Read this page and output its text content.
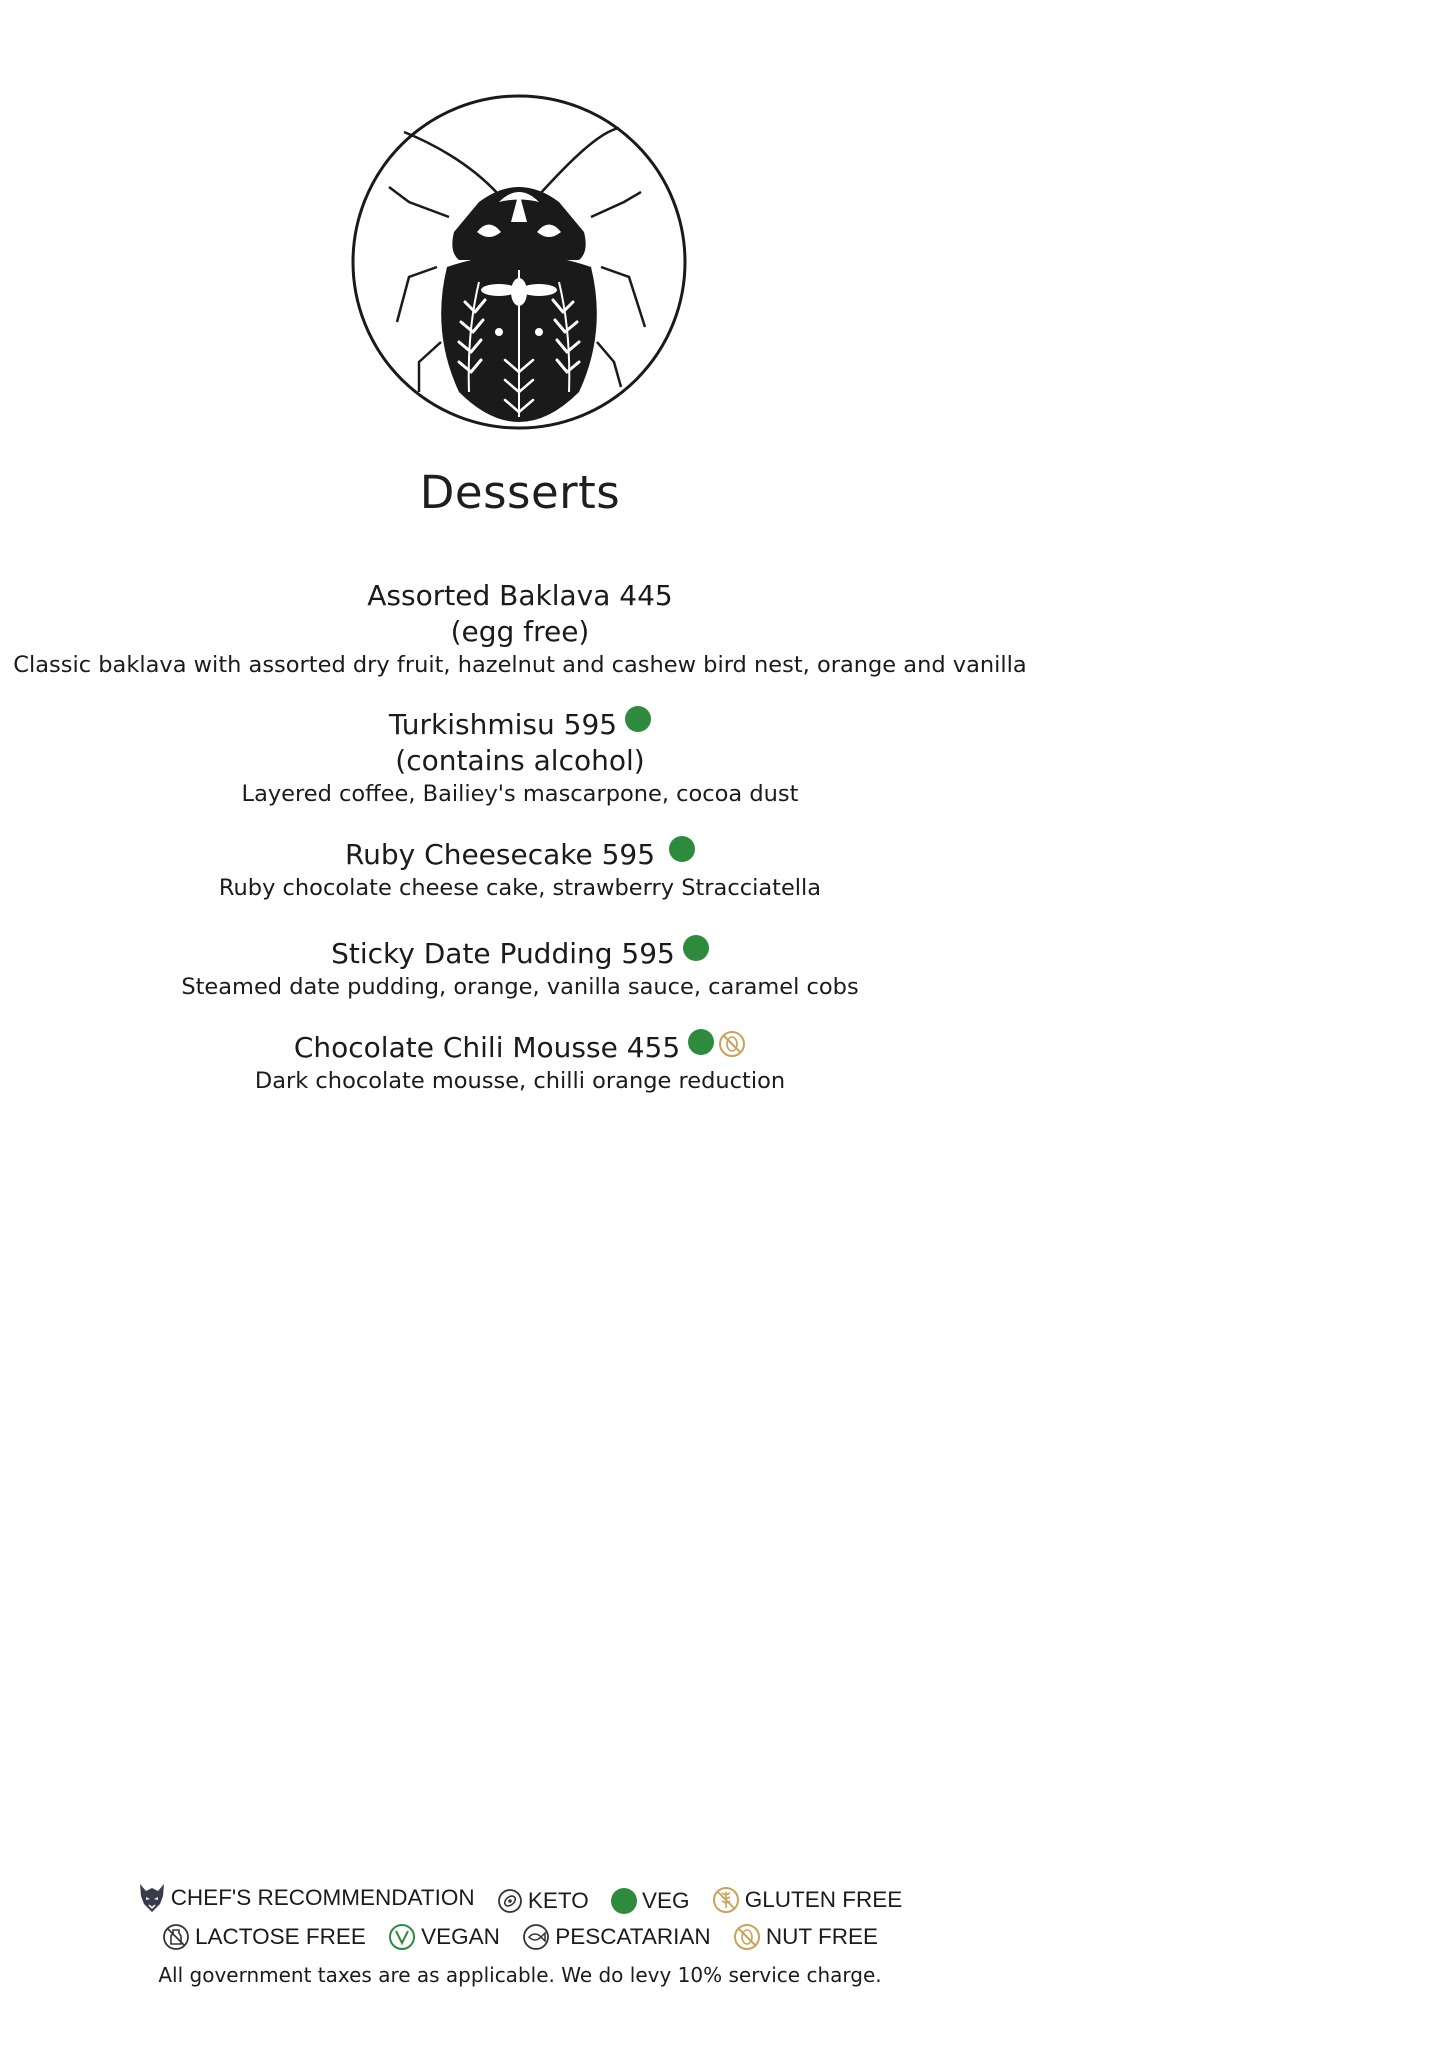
Desserts
Assorted Baklava 445
(egg free)
Classic baklava with assorted dry fruit, hazelnut and cashew bird nest, orange and vanilla
Turkishmisu 595
(contains alcohol)
Layered coffee, Bailiey's mascarpone, cocoa dust
Ruby Cheesecake 595
Ruby chocolate cheese cake, strawberry Stracciatella
Sticky Date Pudding 595
Steamed date pudding, orange, vanilla sauce, caramel cobs
Chocolate Chili Mousse 455
Dark chocolate mousse, chilli orange reduction
CHEF'S RECOMMENDATION
KETO
VEG
GLUTEN FREE
LACTOSE FREE
VEGAN
PESCATARIAN
NUT FREE
All government taxes are as applicable. We do levy 10% service charge.
